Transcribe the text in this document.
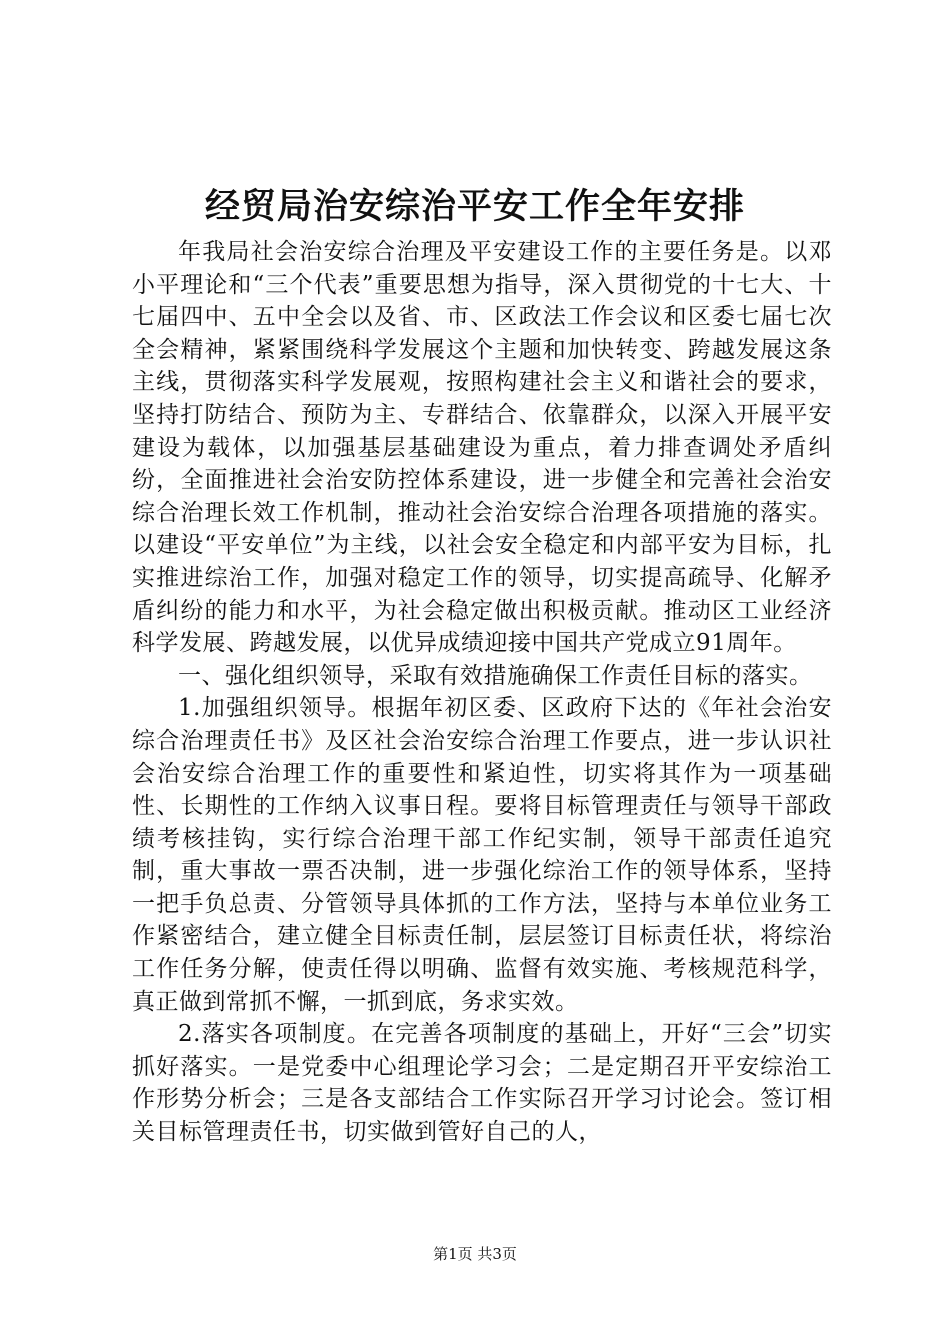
经贸局治安综治平安工作全年安排

年我局社会治安综合治理及平安建设工作的主要任务是。以邓小平理论和“三个代表”重要思想为指导，深入贯彻党的十七大、十七届四中、五中全会以及省、市、区政法工作会议和区委七届七次全会精神，紧紧围绕科学发展这个主题和加快转变、跨越发展这条主线，贯彻落实科学发展观，按照构建社会主义和谐社会的要求，坚持打防结合、预防为主、专群结合、依靠群众，以深入开展平安建设为载体，以加强基层基础建设为重点，着力排查调处矛盾纠纷，全面推进社会治安防控体系建设，进一步健全和完善社会治安综合治理长效工作机制，推动社会治安综合治理各项措施的落实。以建设“平安单位”为主线，以社会安全稳定和内部平安为目标，扎实推进综治工作，加强对稳定工作的领导，切实提高疏导、化解矛盾纠纷的能力和水平，为社会稳定做出积极贡献。推动区工业经济科学发展、跨越发展，以优异成绩迎接中国共产党成立91周年。

一、强化组织领导，采取有效措施确保工作责任目标的落实。

1.加强组织领导。根据年初区委、区政府下达的《年社会治安综合治理责任书》及区社会治安综合治理工作要点，进一步认识社会治安综合治理工作的重要性和紧迫性，切实将其作为一项基础性、长期性的工作纳入议事日程。要将目标管理责任与领导干部政绩考核挂钩，实行综合治理干部工作纪实制，领导干部责任追究制，重大事故一票否决制，进一步强化综治工作的领导体系，坚持一把手负总责、分管领导具体抓的工作方法，坚持与本单位业务工作紧密结合，建立健全目标责任制，层层签订目标责任状，将综治工作任务分解，使责任得以明确、监督有效实施、考核规范科学，真正做到常抓不懈，一抓到底，务求实效。

2.落实各项制度。在完善各项制度的基础上，开好“三会”切实抓好落实。一是党委中心组理论学习会；二是定期召开平安综治工作形势分析会；三是各支部结合工作实际召开学习讨论会。签订相关目标管理责任书，切实做到管好自己的人，

第1页 共3页
